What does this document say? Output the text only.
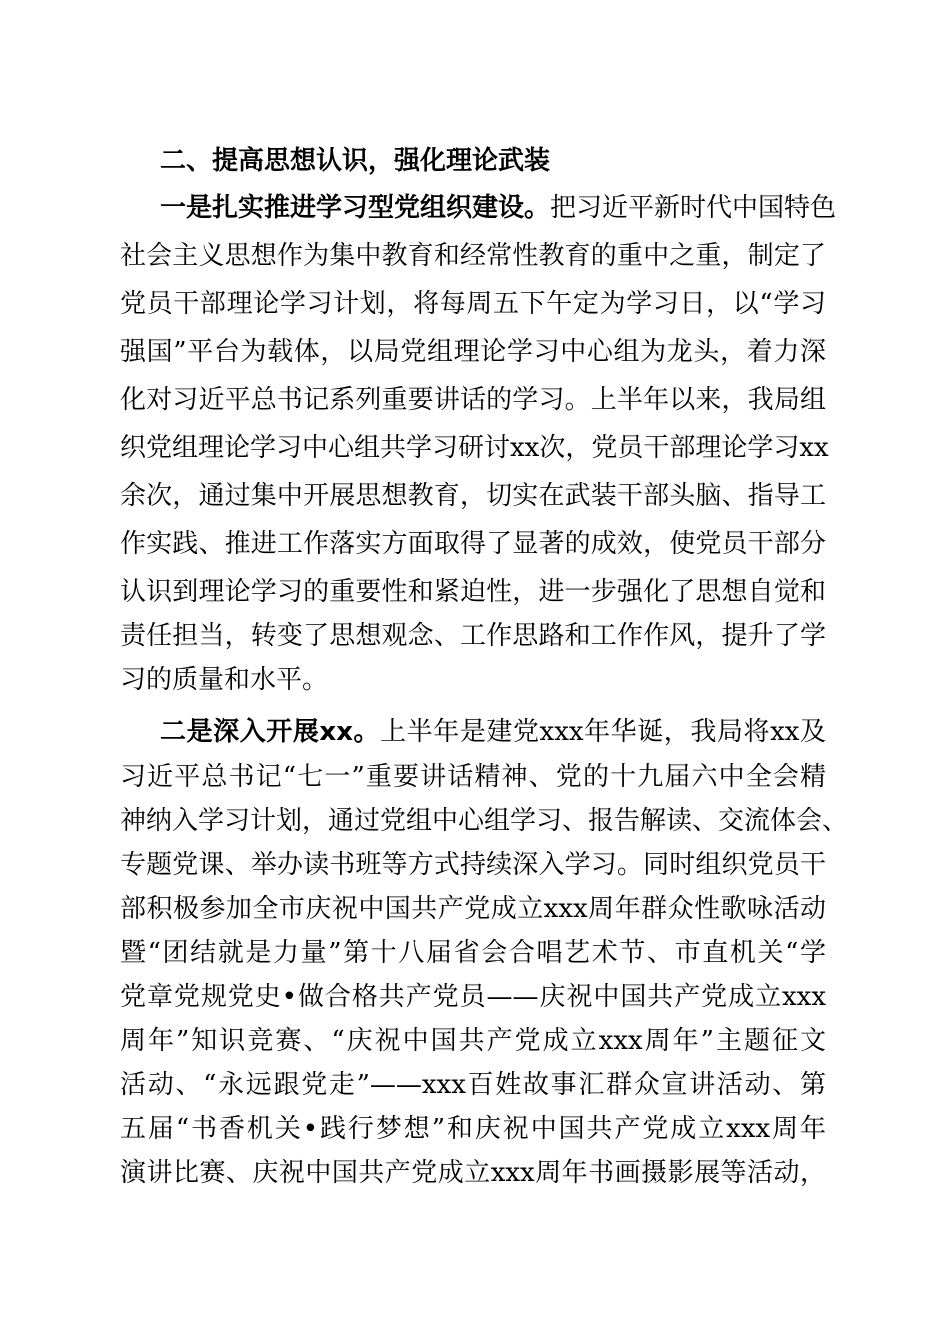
二、提高思想认识，强化理论武装
一是扎实推进学习型党组织建设。把习近平新时代中国特色
社会主义思想作为集中教育和经常性教育的重中之重，制定了
党员干部理论学习计划，将每周五下午定为学习日，以“学习
强国”平台为载体，以局党组理论学习中心组为龙头，着力深
化对习近平总书记系列重要讲话的学习。上半年以来，我局组
织党组理论学习中心组共学习研讨xx次，党员干部理论学习xx
余次，通过集中开展思想教育，切实在武装干部头脑、指导工
作实践、推进工作落实方面取得了显著的成效，使党员干部分
认识到理论学习的重要性和紧迫性，进一步强化了思想自觉和
责任担当，转变了思想观念、工作思路和工作作风，提升了学
习的质量和水平。
二是深入开展xx。上半年是建党xxx年华诞，我局将xx及
习近平总书记“七一”重要讲话精神、党的十九届六中全会精
神纳入学习计划，通过党组中心组学习、报告解读、交流体会、
专题党课、举办读书班等方式持续深入学习。同时组织党员干
部积极参加全市庆祝中国共产党成立xxx周年群众性歌咏活动
暨“团结就是力量”第十八届省会合唱艺术节、市直机关“学
党章党规党史•做合格共产党员——庆祝中国共产党成立xxx
周年”知识竞赛、“庆祝中国共产党成立xxx周年”主题征文
活动、“永远跟党走”——xxx百姓故事汇群众宣讲活动、第
五届“书香机关•践行梦想”和庆祝中国共产党成立xxx周年
演讲比赛、庆祝中国共产党成立xxx周年书画摄影展等活动，
